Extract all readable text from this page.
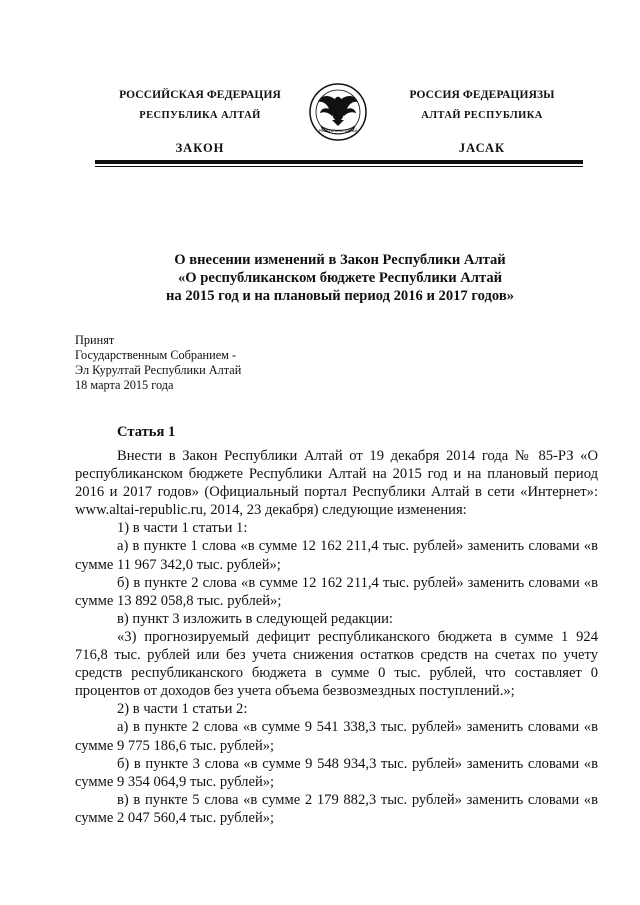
РОССИЙСКАЯ ФЕДЕРАЦИЯ
РЕСПУБЛИКА АЛТАЙ
ЗАКОН
РЕСПУБЛИКА АЛТАЙ
РОССИЯ ФЕДЕРАЦИЯЗЫ
АЛТАЙ РЕСПУБЛИКА
JАСАК
О внесении изменений в Закон Республики Алтай
«О республиканском бюджете Республики Алтай
на 2015 год и на плановый период 2016 и 2017 годов»
Принят
Государственным Собранием -
Эл Курултай Республики Алтай
18 марта 2015 года
Статья 1

Внести в Закон Республики Алтай от 19 декабря 2014 года № 85-РЗ «О республиканском бюджете Республики Алтай на 2015 год и на плановый период 2016 и 2017 годов» (Официальный портал Республики Алтай в сети «Интернет»: www.altai-republic.ru, 2014, 23 декабря) следующие изменения:

1) в части 1 статьи 1:

а) в пункте 1 слова «в сумме 12 162 211,4 тыс. рублей» заменить словами «в сумме 11 967 342,0 тыс. рублей»;

б) в пункте 2 слова «в сумме 12 162 211,4 тыс. рублей» заменить словами «в сумме 13 892 058,8 тыс. рублей»;

в) пункт 3 изложить в следующей редакции:

«3) прогнозируемый дефицит республиканского бюджета в сумме 1 924 716,8 тыс. рублей или без учета снижения остатков средств на счетах по учету средств республиканского бюджета в сумме 0 тыс. рублей, что составляет 0 процентов от доходов без учета объема безвозмездных поступлений.»;

2) в части 1 статьи 2:

а) в пункте 2 слова «в сумме 9 541 338,3 тыс. рублей» заменить словами «в сумме 9 775 186,6 тыс. рублей»;

б) в пункте 3 слова «в сумме 9 548 934,3 тыс. рублей» заменить словами «в сумме 9 354 064,9 тыс. рублей»;

в) в пункте 5 слова «в сумме 2 179 882,3 тыс. рублей» заменить словами «в сумме 2 047 560,4 тыс. рублей»;
